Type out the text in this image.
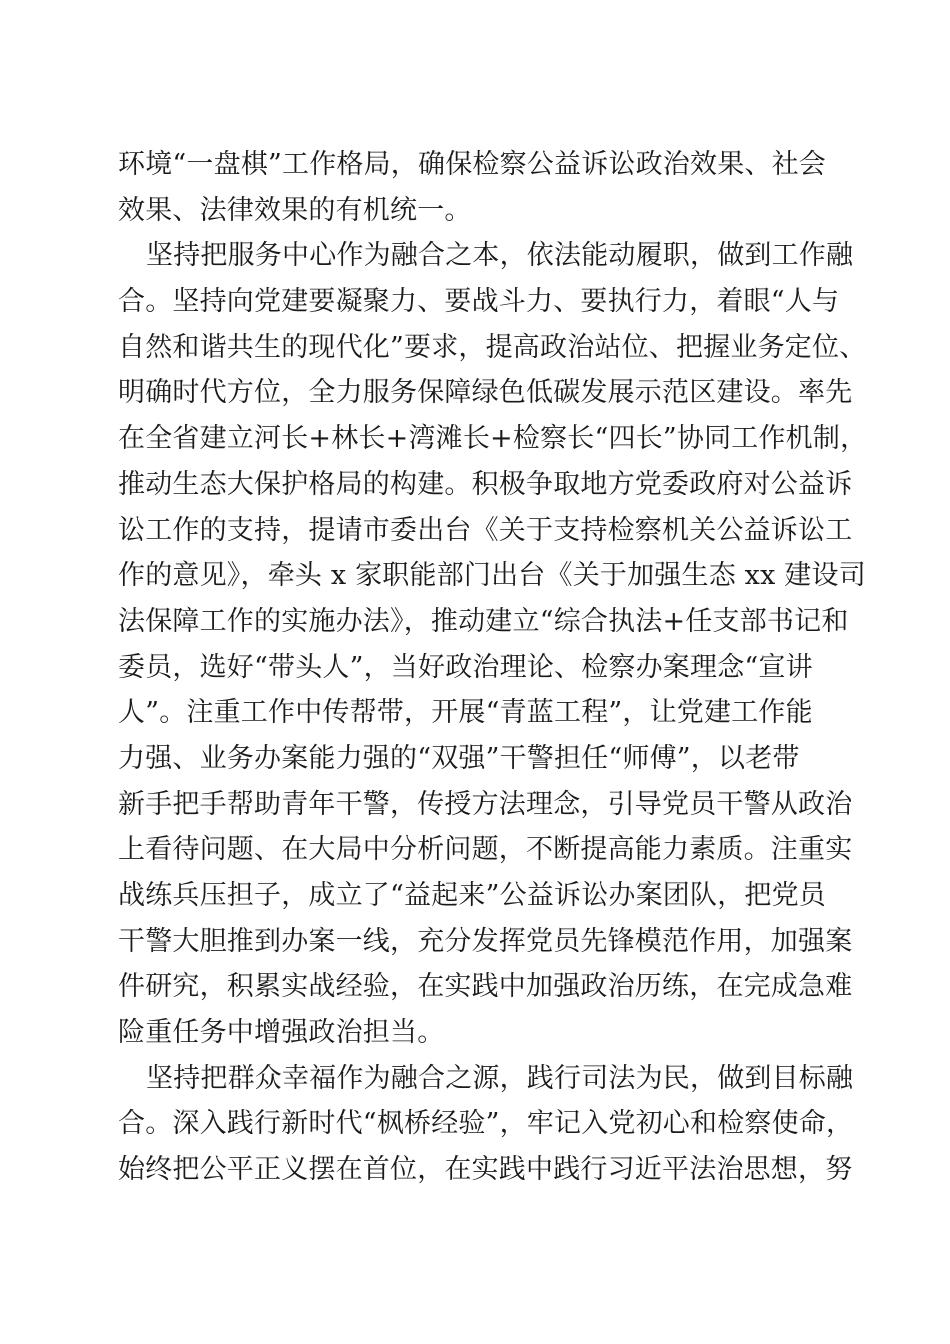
环境“一盘棋”工作格局，确保检察公益诉讼政治效果、社会
效果、法律效果的有机统一。
坚持把服务中心作为融合之本，依法能动履职，做到工作融
合。坚持向党建要凝聚力、要战斗力、要执行力，着眼“人与
自然和谐共生的现代化”要求，提高政治站位、把握业务定位、
明确时代方位，全力服务保障绿色低碳发展示范区建设。率先
在全省建立河长+林长+湾滩长+检察长“四长”协同工作机制，
推动生态大保护格局的构建。积极争取地方党委政府对公益诉
讼工作的支持，提请市委出台《关于支持检察机关公益诉讼工
作的意见》，牵头 x 家职能部门出台《关于加强生态 xx 建设司
法保障工作的实施办法》，推动建立“综合执法+任支部书记和
委员，选好“带头人”，当好政治理论、检察办案理念“宣讲
人”。注重工作中传帮带，开展“青蓝工程”，让党建工作能
力强、业务办案能力强的“双强”干警担任“师傅”，以老带
新手把手帮助青年干警，传授方法理念，引导党员干警从政治
上看待问题、在大局中分析问题，不断提高能力素质。注重实
战练兵压担子，成立了“益起来”公益诉讼办案团队，把党员
干警大胆推到办案一线，充分发挥党员先锋模范作用，加强案
件研究，积累实战经验，在实践中加强政治历练，在完成急难
险重任务中增强政治担当。
坚持把群众幸福作为融合之源，践行司法为民，做到目标融
合。深入践行新时代“枫桥经验”，牢记入党初心和检察使命，
始终把公平正义摆在首位，在实践中践行习近平法治思想，努
